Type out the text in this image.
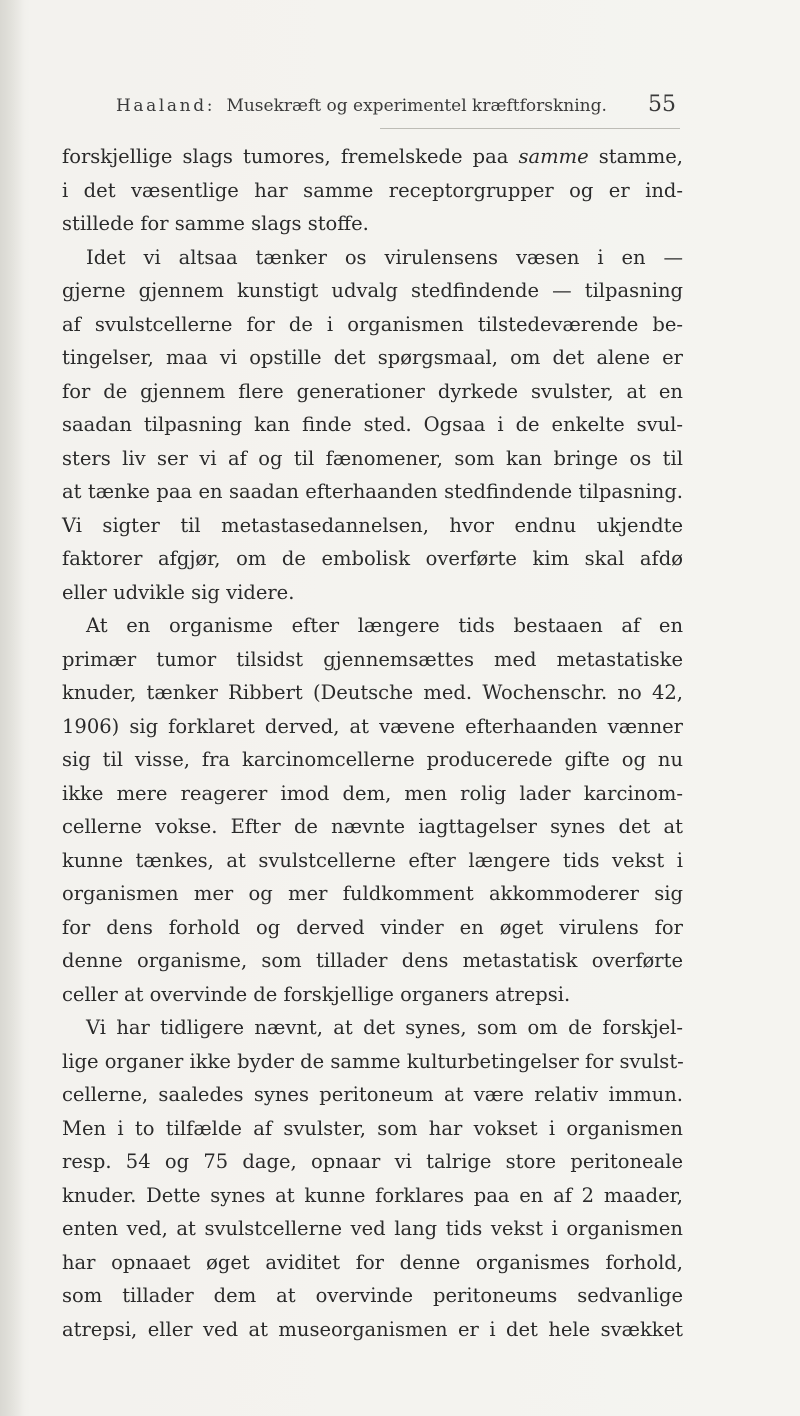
Haaland: Musekræft og experimentel kræftforskning. 55
forskjellige slags tumores, fremelskede paa samme stamme,
i det væsentlige har samme receptorgrupper og er ind-
stillede for samme slags stoffe.
Idet vi altsaa tænker os virulensens væsen i en —
gjerne gjennem kunstigt udvalg stedfindende — tilpasning
af svulstcellerne for de i organismen tilstedeværende be-
tingelser, maa vi opstille det spørgsmaal, om det alene er
for de gjennem flere generationer dyrkede svulster, at en
saadan tilpasning kan finde sted. Ogsaa i de enkelte svul-
sters liv ser vi af og til fænomener, som kan bringe os til
at tænke paa en saadan efterhaanden stedfindende tilpasning.
Vi sigter til metastasedannelsen, hvor endnu ukjendte
faktorer afgjør, om de embolisk overførte kim skal afdø
eller udvikle sig videre.
At en organisme efter længere tids bestaaen af en
primær tumor tilsidst gjennemsættes med metastatiske
knuder, tænker Ribbert (Deutsche med. Wochenschr. no 42,
1906) sig forklaret derved, at vævene efterhaanden vænner
sig til visse, fra karcinomcellerne producerede gifte og nu
ikke mere reagerer imod dem, men rolig lader karcinom-
cellerne vokse. Efter de nævnte iagttagelser synes det at
kunne tænkes, at svulstcellerne efter længere tids vekst i
organismen mer og mer fuldkomment akkommoderer sig
for dens forhold og derved vinder en øget virulens for
denne organisme, som tillader dens metastatisk overførte
celler at overvinde de forskjellige organers atrepsi.
Vi har tidligere nævnt, at det synes, som om de forskjel-
lige organer ikke byder de samme kulturbetingelser for svulst-
cellerne, saaledes synes peritoneum at være relativ immun.
Men i to tilfælde af svulster, som har vokset i organismen
resp. 54 og 75 dage, opnaar vi talrige store peritoneale
knuder. Dette synes at kunne forklares paa en af 2 maader,
enten ved, at svulstcellerne ved lang tids vekst i organismen
har opnaaet øget aviditet for denne organismes forhold,
som tillader dem at overvinde peritoneums sedvanlige
atrepsi, eller ved at museorganismen er i det hele svækket
